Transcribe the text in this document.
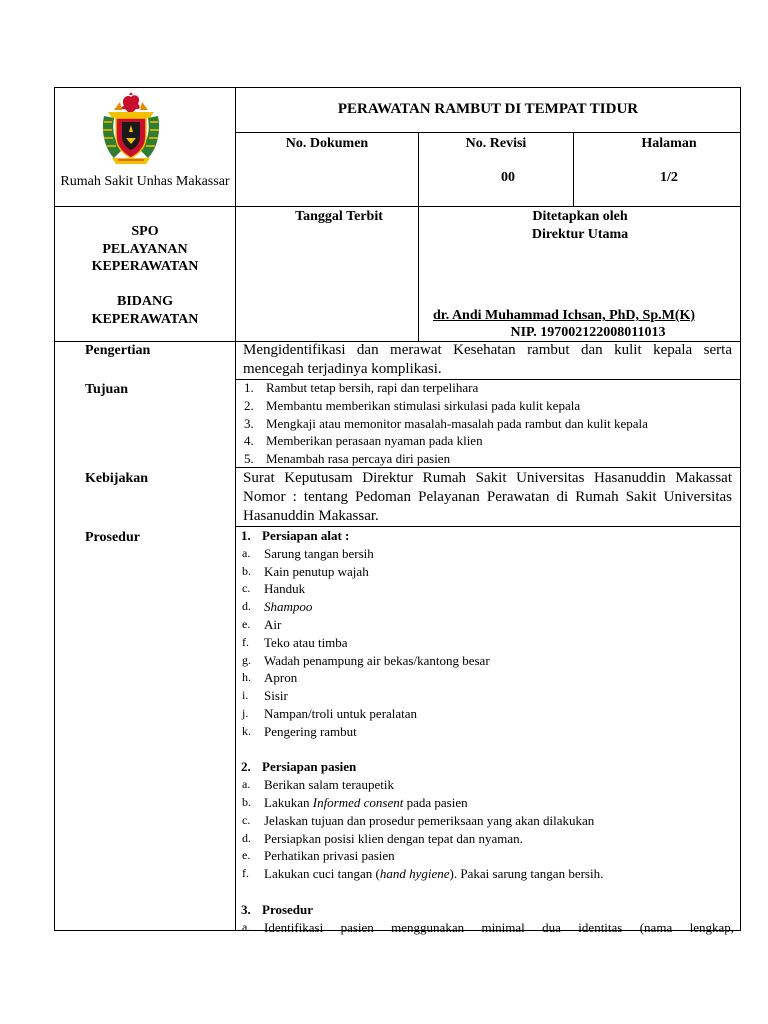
Rumah Sakit Unhas Makassar
PERAWATAN RAMBUT DI TEMPAT TIDUR
No. Dokumen	No. Revisi
00
Halaman
1/2
SPO
PELAYANAN
KEPERAWATAN
BIDANG
KEPERAWATAN
Tanggal Terbit	Ditetapkan oleh
Direktur Utama
dr. Andi Muhammad Ichsan, PhD, Sp.M(K)
NIP. 197002122008011013
Pengertian
Tujuan
Kebijakan
Prosedur
Mengidentifikasi dan merawat Kesehatan rambut dan kulit kepala serta mencegah terjadinya komplikasi.
1. Rambut tetap bersih, rapi dan terpelihara
2. Membantu memberikan stimulasi sirkulasi pada kulit kepala
3. Mengkaji atau memonitor masalah-masalah pada rambut dan kulit kepala
4. Memberikan perasaan nyaman pada klien
5. Menambah rasa percaya diri pasien
Surat Keputusam Direktur Rumah Sakit Universitas Hasanuddin Makassat Nomor : tentang Pedoman Pelayanan Perawatan di Rumah Sakit Universitas Hasanuddin Makassar.
1. Persiapan alat :
a. Sarung tangan bersih
b. Kain penutup wajah
c. Handuk
d. Shampoo
e. Air
f. Teko atau timba
g. Wadah penampung air bekas/kantong besar
h. Apron
i. Sisir
j. Nampan/troli untuk peralatan
k. Pengering rambut
2. Persiapan pasien
a. Berikan salam teraupetik
b. Lakukan Informed consent pada pasien
c. Jelaskan tujuan dan prosedur pemeriksaan yang akan dilakukan
d. Persiapkan posisi klien dengan tepat dan nyaman.
e. Perhatikan privasi pasien
f. Lakukan cuci tangan (hand hygiene). Pakai sarung tangan bersih.
3. Prosedur
a. Identifikasi pasien menggunakan minimal dua identitas (nama lengkap,
